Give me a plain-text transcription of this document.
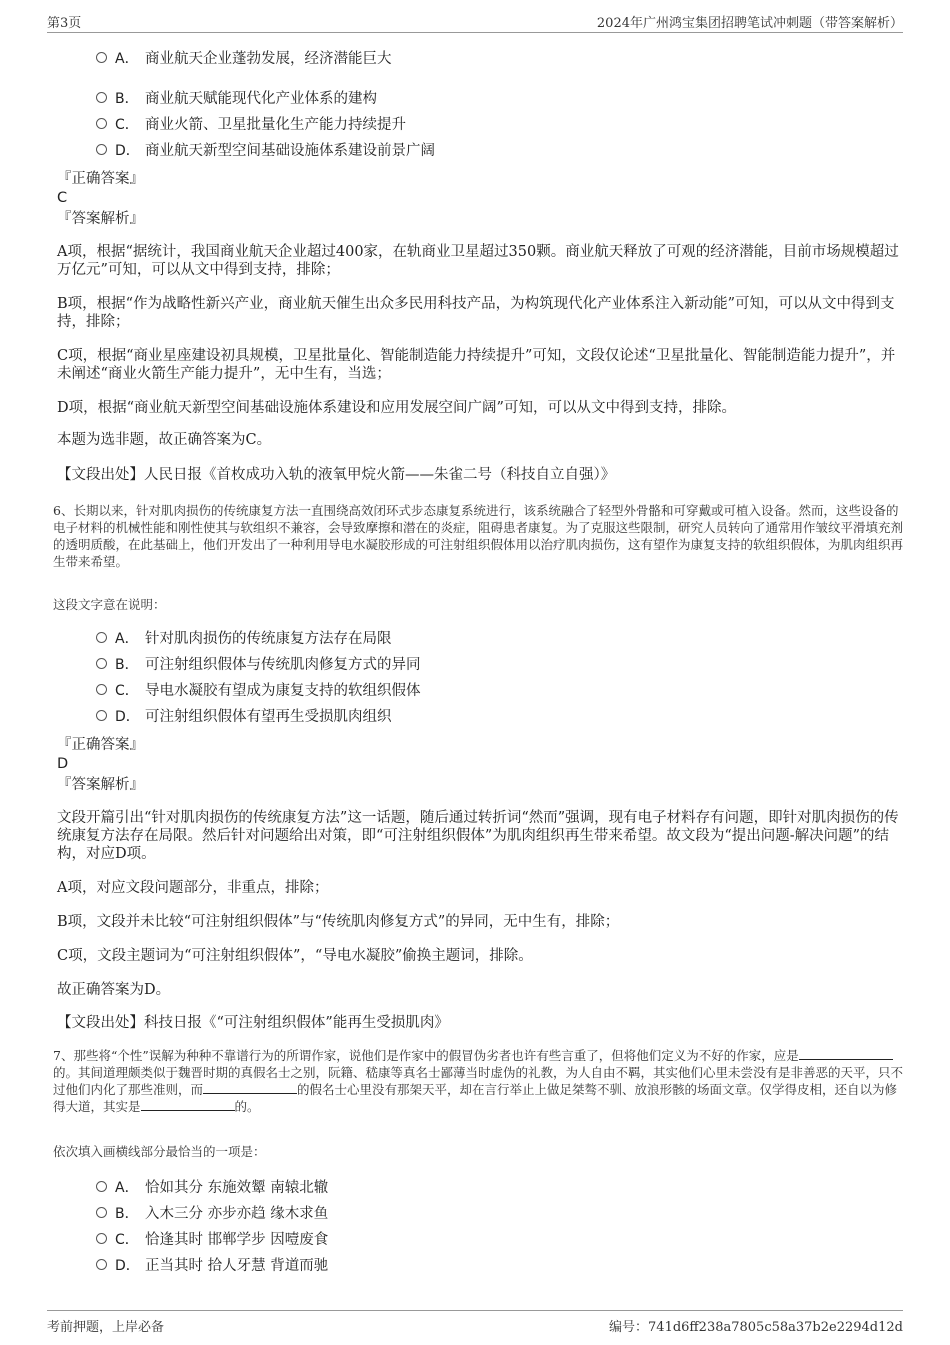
第3页	2024年广州鸿宝集团招聘笔试冲刺题（带答案解析）
A． 商业航天企业蓬勃发展，经济潜能巨大
B． 商业航天赋能现代化产业体系的建构
C． 商业火箭、卫星批量化生产能力持续提升
D． 商业航天新型空间基础设施体系建设前景广阔
『正确答案』
C
『答案解析』
A项，根据“据统计，我国商业航天企业超过400家，在轨商业卫星超过350颗。商业航天释放了可观的经济潜能，目前市场规模超过万亿元”可知，可以从文中得到支持，排除；
B项，根据“作为战略性新兴产业，商业航天催生出众多民用科技产品，为构筑现代化产业体系注入新动能”可知，可以从文中得到支持，排除；
C项，根据“商业星座建设初具规模，卫星批量化、智能制造能力持续提升”可知，文段仅论述“卫星批量化、智能制造能力提升”，并未阐述“商业火箭生产能力提升”，无中生有，当选；
D项，根据“商业航天新型空间基础设施体系建设和应用发展空间广阔”可知，可以从文中得到支持，排除。
本题为选非题，故正确答案为C。
【文段出处】人民日报《首枚成功入轨的液氧甲烷火箭——朱雀二号（科技自立自强）》
6、长期以来，针对肌肉损伤的传统康复方法一直围绕高效闭环式步态康复系统进行，该系统融合了轻型外骨骼和可穿戴或可植入设备。然而，这些设备的电子材料的机械性能和刚性使其与软组织不兼容，会导致摩擦和潜在的炎症，阻碍患者康复。为了克服这些限制，研究人员转向了通常用作皱纹平滑填充剂的透明质酸，在此基础上，他们开发出了一种利用导电水凝胶形成的可注射组织假体用以治疗肌肉损伤，这有望作为康复支持的软组织假体，为肌肉组织再生带来希望。
这段文字意在说明：
A． 针对肌肉损伤的传统康复方法存在局限
B． 可注射组织假体与传统肌肉修复方式的异同
C． 导电水凝胶有望成为康复支持的软组织假体
D． 可注射组织假体有望再生受损肌肉组织
『正确答案』
D
『答案解析』
文段开篇引出“针对肌肉损伤的传统康复方法”这一话题，随后通过转折词“然而”强调，现有电子材料存有问题，即针对肌肉损伤的传统康复方法存在局限。然后针对问题给出对策，即“可注射组织假体”为肌肉组织再生带来希望。故文段为“提出问题-解决问题”的结构，对应D项。
A项，对应文段问题部分，非重点，排除；
B项，文段并未比较“可注射组织假体”与“传统肌肉修复方式”的异同，无中生有，排除；
C项，文段主题词为“可注射组织假体”，“导电水凝胶”偷换主题词，排除。
故正确答案为D。
【文段出处】科技日报《“可注射组织假体”能再生受损肌肉》
7、那些将“个性”误解为种种不靠谱行为的所谓作家，说他们是作家中的假冒伪劣者也许有些言重了，但将他们定义为不好的作家，应是的。其间道理颇类似于魏晋时期的真假名士之别，阮籍、嵇康等真名士鄙薄当时虚伪的礼教，为人自由不羁，其实他们心里未尝没有是非善恶的天平，只不过他们内化了那些准则，而	的假名士心里没有那架天平，却在言行举止上做足桀骜不驯、放浪形骸的场面文章。仅学得皮相，还自以为修得大道，其实是	的。
依次填入画横线部分最恰当的一项是：
A． 恰如其分 东施效颦 南辕北辙
B． 入木三分 亦步亦趋 缘木求鱼
C． 恰逢其时 邯郸学步 因噎废食
D． 正当其时 拾人牙慧 背道而驰
考前押题，上岸必备	编号：741d6ff238a7805c58a37b2e2294d12d
